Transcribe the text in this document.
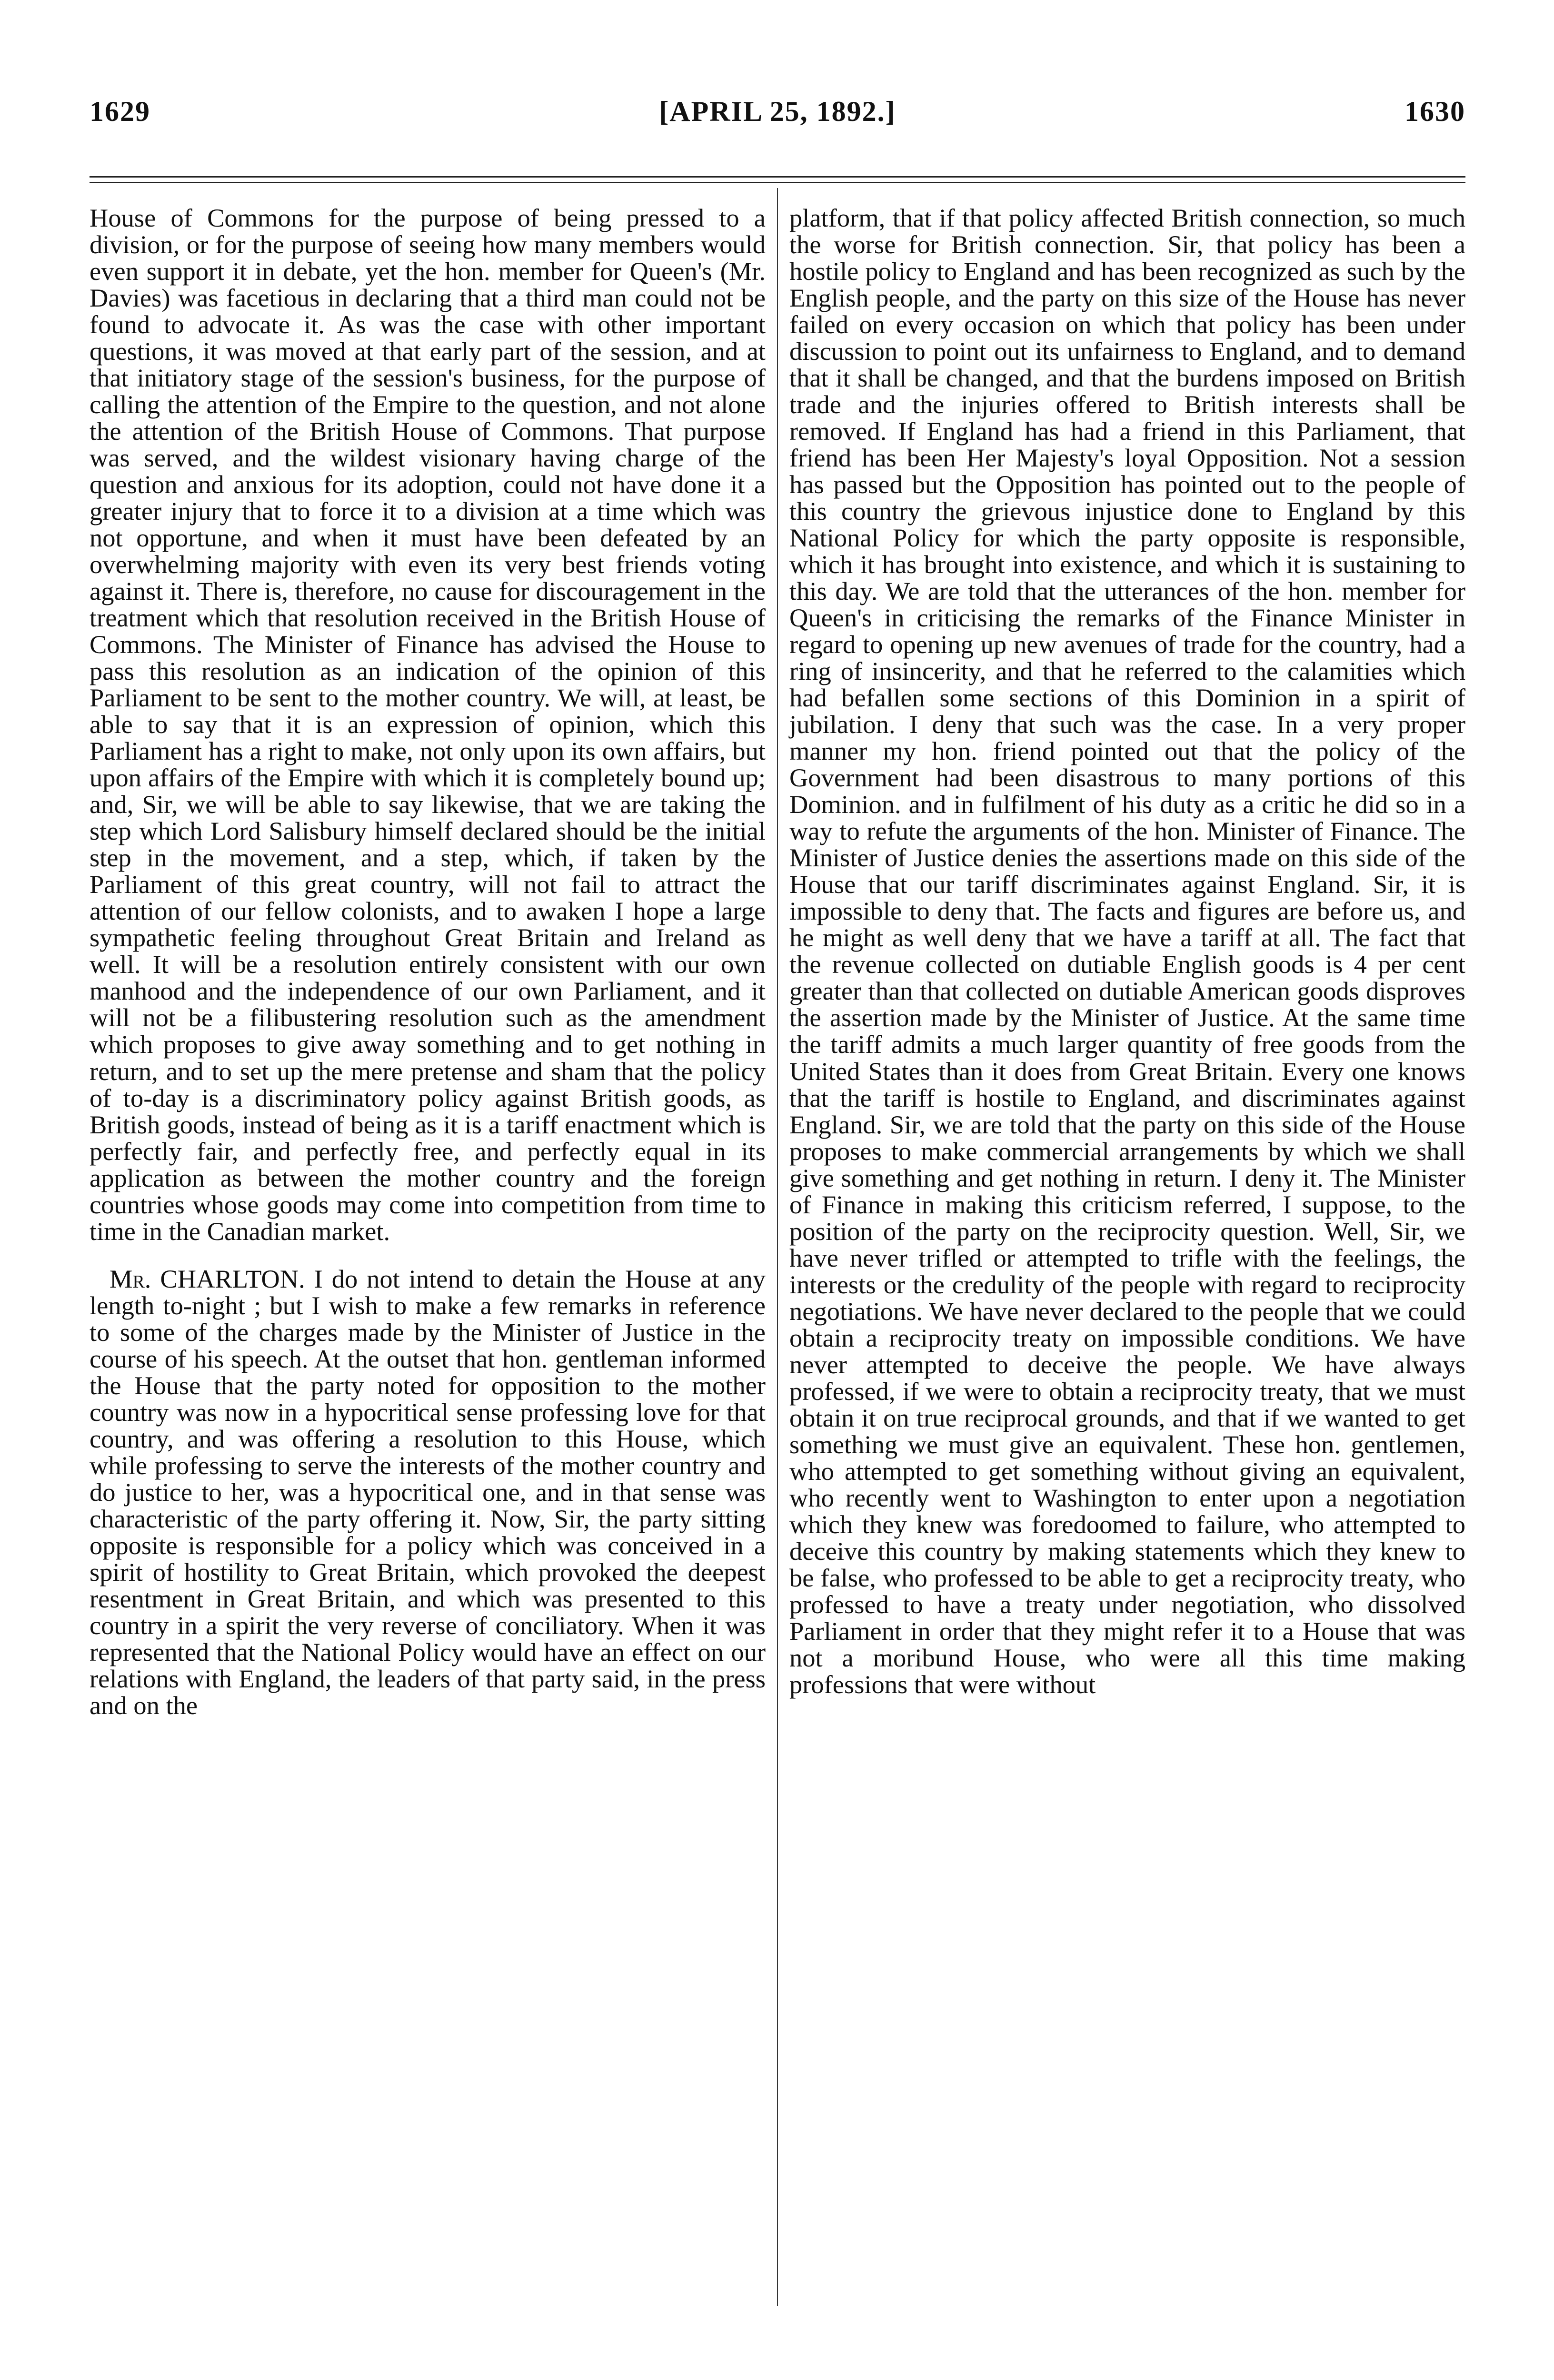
1629	[APRIL 25, 1892.]	1630

House of Commons for the purpose of being pressed to a division, or for the purpose of seeing how many members would even support it in debate, yet the hon. member for Queen's (Mr. Davies) was facetious in declaring that a third man could not be found to advocate it. As was the case with other important questions, it was moved at that early part of the session, and at that initiatory stage of the session's business, for the purpose of calling the attention of the Empire to the question, and not alone the attention of the British House of Commons. That purpose was served, and the wildest visionary having charge of the question and anxious for its adoption, could not have done it a greater injury that to force it to a division at a time which was not opportune, and when it must have been defeated by an overwhelming majority with even its very best friends voting against it. There is, therefore, no cause for discouragement in the treatment which that resolution received in the British House of Commons. The Minister of Finance has advised the House to pass this resolution as an indication of the opinion of this Parliament to be sent to the mother country. We will, at least, be able to say that it is an expression of opinion, which this Parliament has a right to make, not only upon its own affairs, but upon affairs of the Empire with which it is completely bound up; and, Sir, we will be able to say likewise, that we are taking the step which Lord Salisbury himself declared should be the initial step in the movement, and a step, which, if taken by the Parliament of this great country, will not fail to attract the attention of our fellow colonists, and to awaken I hope a large sympathetic feeling throughout Great Britain and Ireland as well. It will be a resolution entirely consistent with our own manhood and the independence of our own Parliament, and it will not be a filibustering resolution such as the amendment which proposes to give away something and to get nothing in return, and to set up the mere pretense and sham that the policy of to-day is a discriminatory policy against British goods, as British goods, instead of being as it is a tariff enactment which is perfectly fair, and perfectly free, and perfectly equal in its application as between the mother country and the foreign countries whose goods may come into competition from time to time in the Canadian market.

Mr. CHARLTON. I do not intend to detain the House at any length to-night ; but I wish to make a few remarks in reference to some of the charges made by the Minister of Justice in the course of his speech. At the outset that hon. gentleman informed the House that the party noted for opposition to the mother country was now in a hypocritical sense professing love for that country, and was offering a resolution to this House, which while professing to serve the interests of the mother country and do justice to her, was a hypocritical one, and in that sense was characteristic of the party offering it. Now, Sir, the party sitting opposite is responsible for a policy which was conceived in a spirit of hostility to Great Britain, which provoked the deepest resentment in Great Britain, and which was presented to this country in a spirit the very reverse of conciliatory. When it was represented that the National Policy would have an effect on our relations with England, the leaders of that party said, in the press and on the

platform, that if that policy affected British connection, so much the worse for British connection. Sir, that policy has been a hostile policy to England and has been recognized as such by the English people, and the party on this size of the House has never failed on every occasion on which that policy has been under discussion to point out its unfairness to England, and to demand that it shall be changed, and that the burdens imposed on British trade and the injuries offered to British interests shall be removed. If England has had a friend in this Parliament, that friend has been Her Majesty's loyal Opposition. Not a session has passed but the Opposition has pointed out to the people of this country the grievous injustice done to England by this National Policy for which the party opposite is responsible, which it has brought into existence, and which it is sustaining to this day. We are told that the utterances of the hon. member for Queen's in criticising the remarks of the Finance Minister in regard to opening up new avenues of trade for the country, had a ring of insincerity, and that he referred to the calamities which had befallen some sections of this Dominion in a spirit of jubilation. I deny that such was the case. In a very proper manner my hon. friend pointed out that the policy of the Government had been disastrous to many portions of this Dominion. and in fulfilment of his duty as a critic he did so in a way to refute the arguments of the hon. Minister of Finance. The Minister of Justice denies the assertions made on this side of the House that our tariff discriminates against England. Sir, it is impossible to deny that. The facts and figures are before us, and he might as well deny that we have a tariff at all. The fact that the revenue collected on dutiable English goods is 4 per cent greater than that collected on dutiable American goods disproves the assertion made by the Minister of Justice. At the same time the tariff admits a much larger quantity of free goods from the United States than it does from Great Britain. Every one knows that the tariff is hostile to England, and discriminates against England. Sir, we are told that the party on this side of the House proposes to make commercial arrangements by which we shall give something and get nothing in return. I deny it. The Minister of Finance in making this criticism referred, I suppose, to the position of the party on the reciprocity question. Well, Sir, we have never trifled or attempted to trifle with the feelings, the interests or the credulity of the people with regard to reciprocity negotiations. We have never declared to the people that we could obtain a reciprocity treaty on impossible conditions. We have never attempted to deceive the people. We have always professed, if we were to obtain a reciprocity treaty, that we must obtain it on true reciprocal grounds, and that if we wanted to get something we must give an equivalent. These hon. gentlemen, who attempted to get something without giving an equivalent, who recently went to Washington to enter upon a negotiation which they knew was foredoomed to failure, who attempted to deceive this country by making statements which they knew to be false, who professed to be able to get a reciprocity treaty, who professed to have a treaty under negotiation, who dissolved Parliament in order that they might refer it to a House that was not a moribund House, who were all this time making professions that were without
